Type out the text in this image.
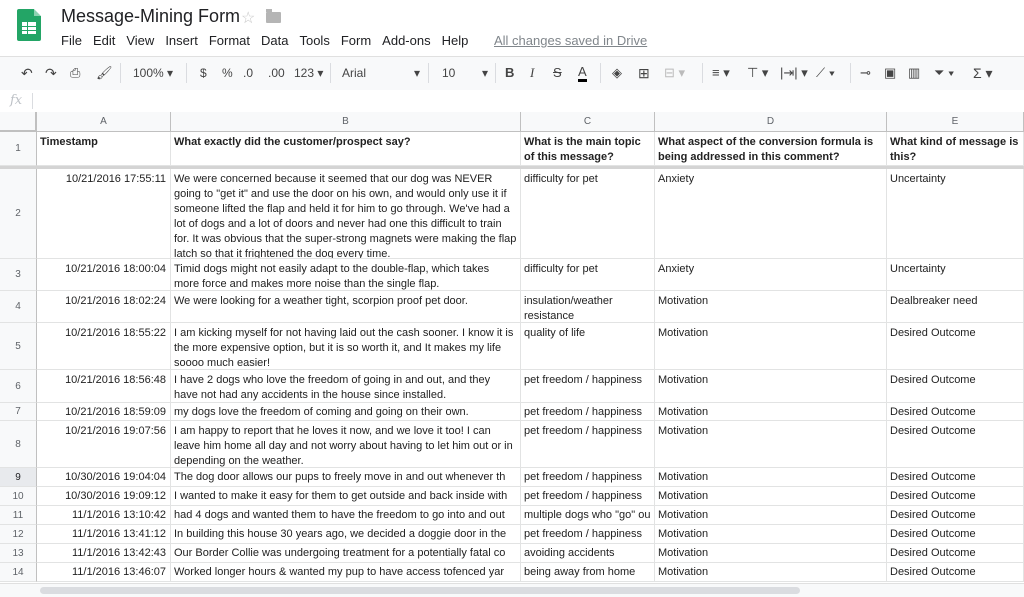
Message-Mining Form ☆
File Edit View Insert Format Data Tools Form Add-ons Help All changes saved in Drive
↶ ↷ ⎙ 🖌 100% ▾ $ % .0 .00 123 ▾ Arial	▾ 10 ▾ B I S A ◈ ⊞ ⊟ ▾ ≡ ▾ ⊤ ▾ |⇥| ▾ ⟋ ▾ ⊸ ▣ ▥ ⏷ ▾ Σ ▾
fx
A	B	C	D	E
1
Timestamp	What exactly did the customer/prospect say?	What is the main topic of this message?
What aspect of the conversion formula is being addressed in this comment?
What kind of message is this?
2
10/21/2016 17:55:11 We were concerned because it seemed that our dog was NEVER going to "get it" and use the door on his own, and would only use it if someone lifted the flap and held it for him to go through. We've had a lot of dogs and a lot of doors and never had one this difficult to train for. It was obvious that the super-strong magnets were making the flap latch so that it frightened the dog every time.
difficulty for pet	Anxiety	Uncertainty
3	10/21/2016 18:00:04 Timid dogs might not easily adapt to the double-flap, which takes more force and makes more noise than the single flap.
difficulty for pet	Anxiety	Uncertainty
4	10/21/2016 18:02:24 We were looking for a weather tight, scorpion proof pet door.	insulation/weather resistance
Motivation	Dealbreaker need
5
10/21/2016 18:55:22 I am kicking myself for not having laid out the cash sooner. I know it is the more expensive option, but it is so worth it, and It makes my life soooo much easier!
quality of life	Motivation	Desired Outcome
6
10/21/2016 18:56:48 I have 2 dogs who love the freedom of going in and out, and they have not had any accidents in the house since installed.
pet freedom / happiness	Motivation	Desired Outcome
7	10/21/2016 18:59:09 my dogs love the freedom of coming and going on their own.	pet freedom / happiness	Motivation	Desired Outcome
8
10/21/2016 19:07:56 I am happy to report that he loves it now, and we love it too! I can leave him home all day and not worry about having to let him out or in depending on the weather.
pet freedom / happiness	Motivation	Desired Outcome
9	10/30/2016 19:04:04 The dog door allows our pups to freely move in and out whenever th	pet freedom / happiness	Motivation	Desired Outcome
10	10/30/2016 19:09:12 I wanted to make it easy for them to get outside and back inside with	pet freedom / happiness	Motivation	Desired Outcome
11	11/1/2016 13:10:42 had 4 dogs and wanted them to have the freedom to go into and out	multiple dogs who "go" ou Motivation	Desired Outcome
12	11/1/2016 13:41:12 In building this house 30 years ago, we decided a doggie door in the	pet freedom / happiness	Motivation	Desired Outcome
13	11/1/2016 13:42:43 Our Border Collie was undergoing treatment for a potentially fatal co	avoiding accidents	Motivation	Desired Outcome
14	11/1/2016 13:46:07 Worked longer hours & wanted my pup to have access tofenced yar	being away from home	Motivation	Desired Outcome
